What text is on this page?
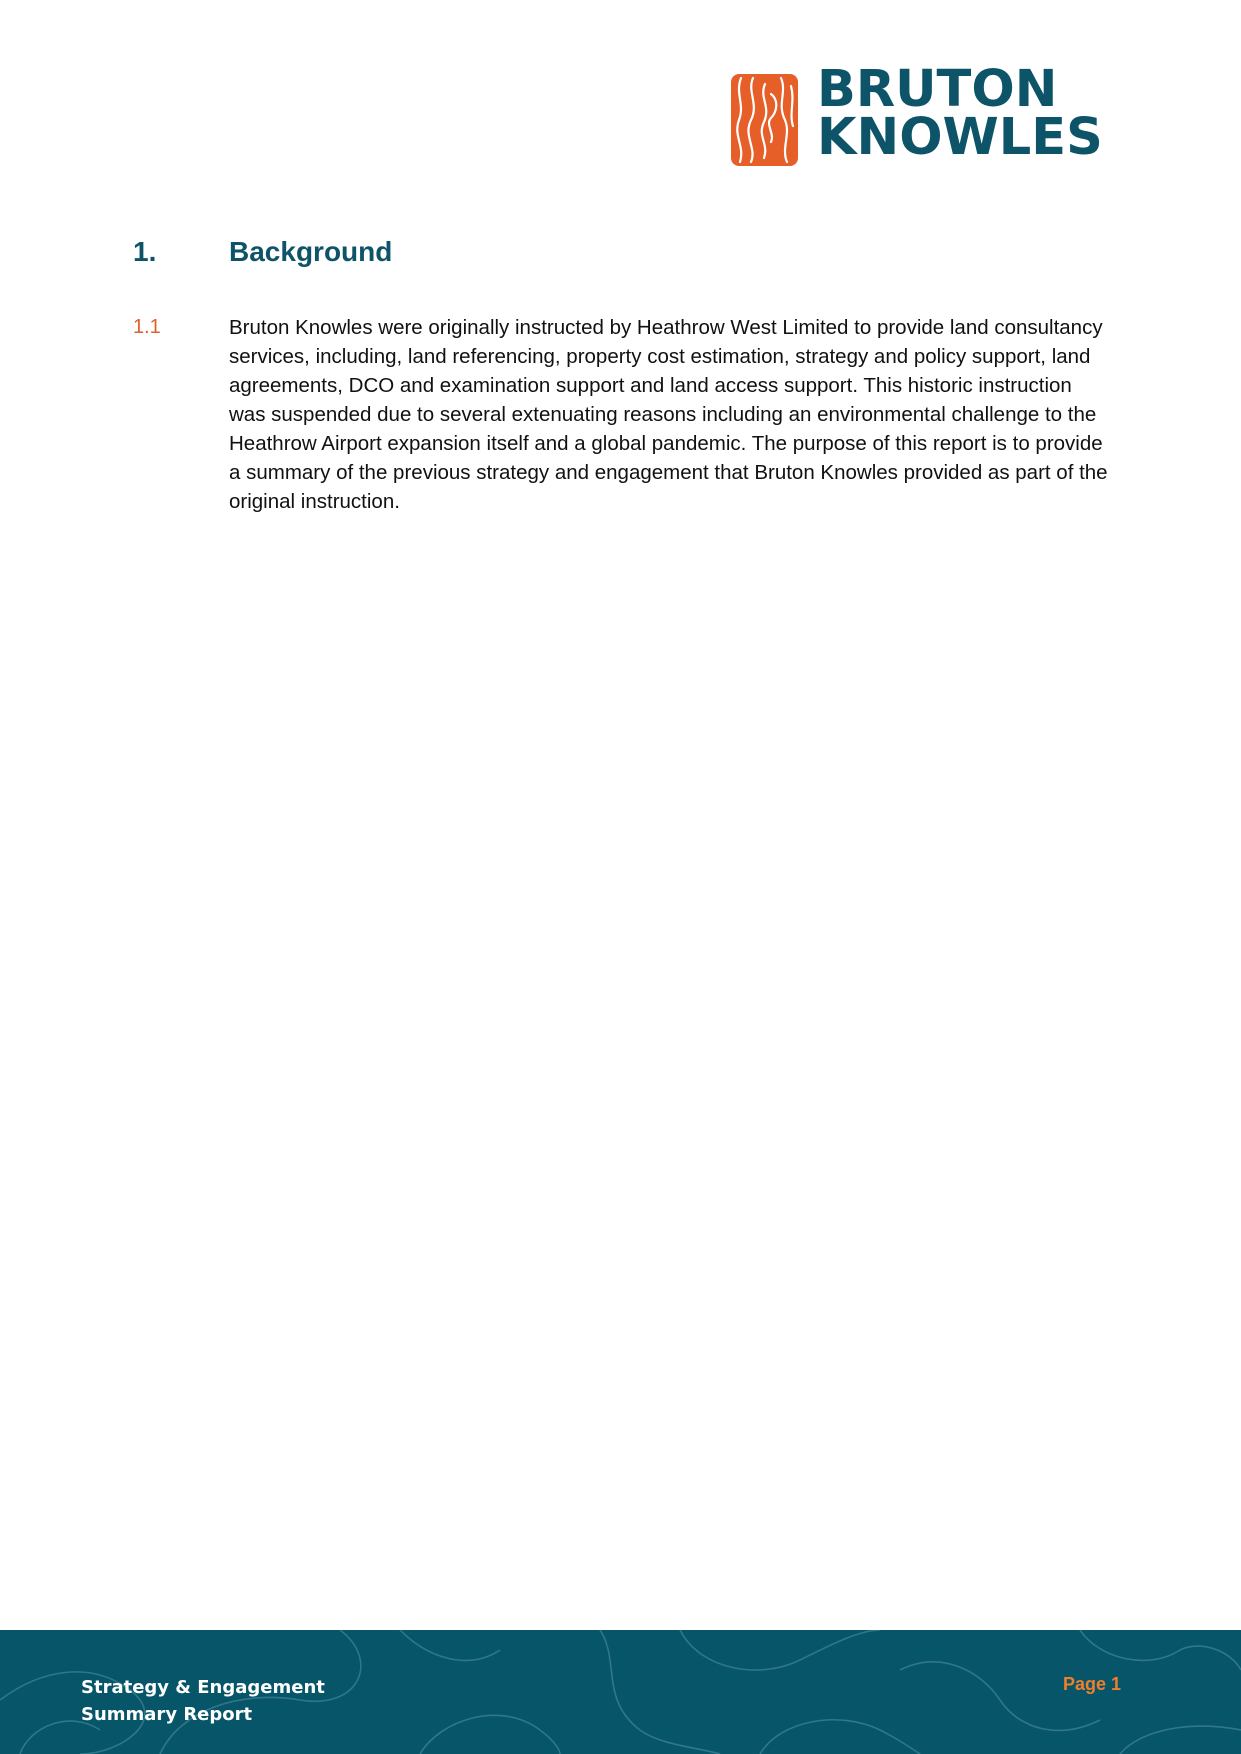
BRUTON
KNOWLES
1.	Background
1.1	Bruton Knowles were originally instructed by Heathrow West Limited to provide land consultancy services, including, land referencing, property cost estimation, strategy and policy support, land agreements, DCO and examination support and land access support. This historic instruction was suspended due to several extenuating reasons including an environmental challenge to the Heathrow Airport expansion itself and a global pandemic. The purpose of this report is to provide a summary of the previous strategy and engagement that Bruton Knowles provided as part of the original instruction.
Strategy & Engagement
Summary Report
Page 1
